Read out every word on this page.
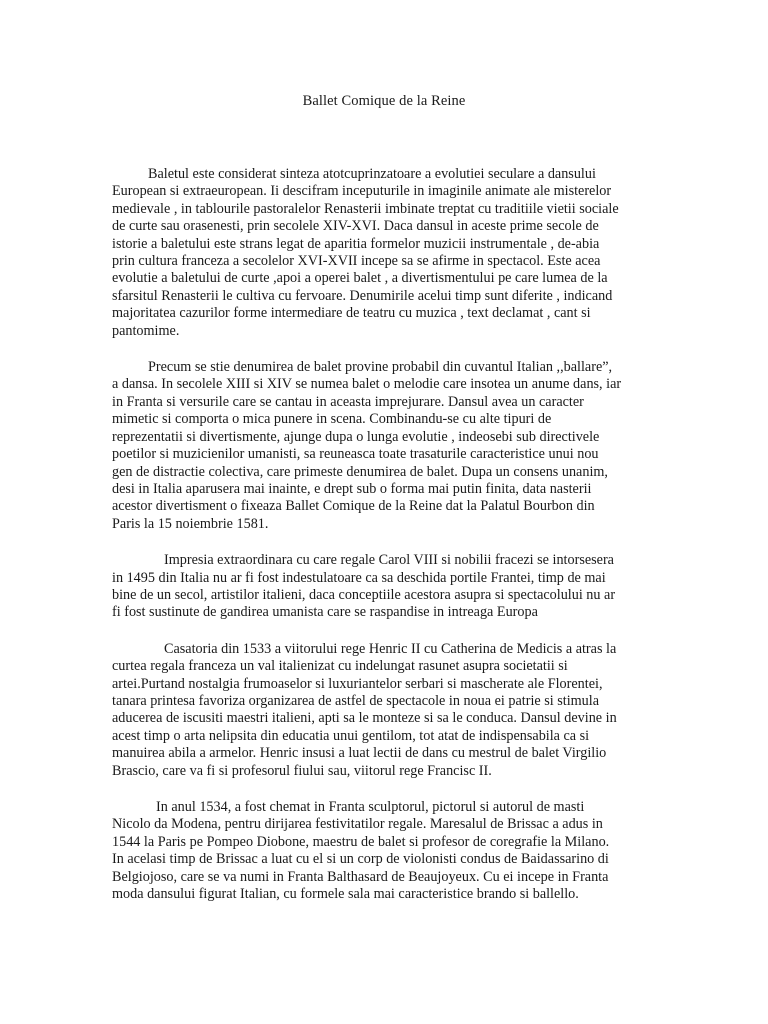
Ballet Comique de la Reine

Baletul este considerat sinteza atotcuprinzatoare a evolutiei seculare a dansului
European si extraeuropean. Ii descifram inceputurile in imaginile animate ale misterelor
medievale , in tablourile pastoralelor Renasterii imbinate treptat cu traditiile vietii sociale
de curte sau orasenesti, prin secolele XIV-XVI. Daca dansul in aceste prime secole de
istorie a baletului este strans legat de aparitia formelor muzicii instrumentale , de-abia
prin cultura franceza a secolelor XVI-XVII incepe sa se afirme in spectacol. Este acea
evolutie a baletului de curte ,apoi a operei balet , a divertismentului pe care lumea de la
sfarsitul Renasterii le cultiva cu fervoare. Denumirile acelui timp sunt diferite , indicand
majoritatea cazurilor forme intermediare de teatru cu muzica , text declamat , cant si
pantomime.

Precum se stie denumirea de balet provine probabil din cuvantul Italian ,,ballare”,
a dansa. In secolele XIII si XIV se numea balet o melodie care insotea un anume dans, iar
in Franta si versurile care se cantau in aceasta imprejurare. Dansul avea un caracter
mimetic si comporta o mica punere in scena. Combinandu-se cu alte tipuri de
reprezentatii si divertismente, ajunge dupa o lunga evolutie , indeosebi sub directivele
poetilor si muzicienilor umanisti, sa reuneasca toate trasaturile caracteristice unui nou
gen de distractie colectiva, care primeste denumirea de balet. Dupa un consens unanim,
desi in Italia aparusera mai inainte, e drept sub o forma mai putin finita, data nasterii
acestor divertisment o fixeaza Ballet Comique de la Reine dat la Palatul Bourbon din
Paris la 15 noiembrie 1581.

Impresia extraordinara cu care regale Carol VIII si nobilii fracezi se intorsesera
in 1495 din Italia nu ar fi fost indestulatoare ca sa deschida portile Frantei, timp de mai
bine de un secol, artistilor italieni, daca conceptiile acestora asupra si spectacolului nu ar
fi fost sustinute de gandirea umanista care se raspandise in intreaga Europa

Casatoria din 1533 a viitorului rege Henric II cu Catherina de Medicis a atras la
curtea regala franceza un val italienizat cu indelungat rasunet asupra societatii si
artei.Purtand nostalgia frumoaselor si luxuriantelor serbari si mascherate ale Florentei,
tanara printesa favoriza organizarea de astfel de spectacole in noua ei patrie si stimula
aducerea de iscusiti maestri italieni, apti sa le monteze si sa le conduca. Dansul devine in
acest timp o arta nelipsita din educatia unui gentilom, tot atat de indispensabila ca si
manuirea abila a armelor. Henric insusi a luat lectii de dans cu mestrul de balet Virgilio
Brascio, care va fi si profesorul fiului sau, viitorul rege Francisc II.

In anul 1534, a fost chemat in Franta sculptorul, pictorul si autorul de masti
Nicolo da Modena, pentru dirijarea festivitatilor regale. Maresalul de Brissac a adus in
1544 la Paris pe Pompeo Diobone, maestru de balet si profesor de coregrafie la Milano.
In acelasi timp de Brissac a luat cu el si un corp de violonisti condus de Baidassarino di
Belgiojoso, care se va numi in Franta Balthasard de Beaujoyeux. Cu ei incepe in Franta
moda dansului figurat Italian, cu formele sala mai caracteristice brando si ballello.
